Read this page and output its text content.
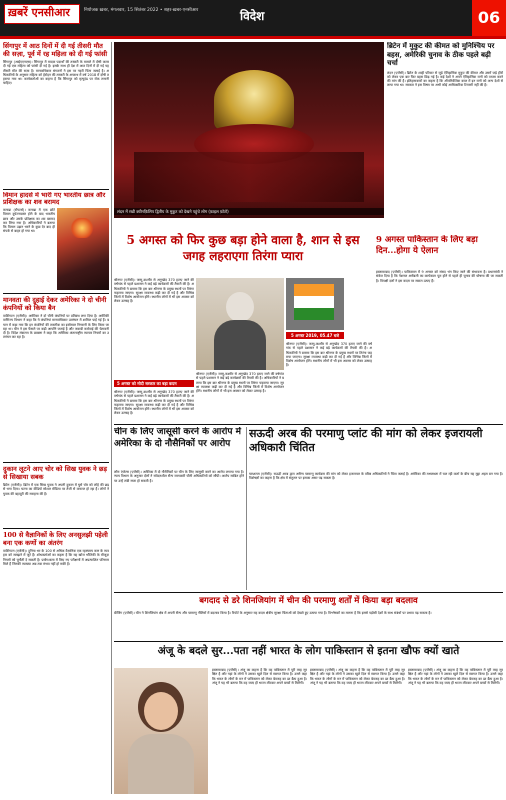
ख़बरें एनसीआर	नियोजक ख़बर, मंगलवार, 15 सितंबर 2022 • शहर-ख़बर-एनसीआर	विदेश	06
सिंगापुर में आठ दिनों में दी गई तीसरी मौत की सज़ा, पूर्व में रह महिला को दी गई फांसी
सिंगापुर (आईएएनएस)। सिंगापुर में मादक पदार्थों की तस्करी के मामले में दोषी करार दी गई एक महिला को फांसी दी गई है। इसके साथ ही देश में आठ दिनों में दी गई यह तीसरी मौत की सज़ा है। मानवाधिकार संगठनों ने इस पर गहरी चिंता जताई है। अधिकारियों के अनुसार महिला को हेरोइन की तस्करी के अपराध में वर्ष 2018 में दोषी ठहराया गया था। कार्यकर्ताओं का कहना है कि सिंगापुर को मृत्युदंड पर रोक लगानी चाहिए।
विमान हादसे में भारी गए भारतीय छात्र और प्रशिक्षक का शव बरामद
कनाडा (रॉयटर्स)। कनाडा में एक छोटे विमान दुर्घटनाग्रस्त होने के बाद भारतीय छात्र और उसके प्रशिक्षक का शव बरामद कर लिया गया है। अधिकारियों ने बताया कि विमान उड़ान भरने के कुछ देर बाद ही संपर्क से बाहर हो गया था।
मानवता की दुहाई देकर अमेरिका ने दो चीनी कंपनियों को किया बैन
वाशिंगटन (एजेंसी)। अमेरिका ने दो चीनी कंपनियों पर प्रतिबंध लगा दिया है। अमेरिकी वाणिज्य विभाग ने कहा कि ये कंपनियां मानवाधिकार उल्लंघन में शामिल पाई गई हैं। बयान में कहा गया कि इन कंपनियों की तकनीक का इस्तेमाल निगरानी के लिए किया जा रहा था। चीन ने इस फैसले पर कड़ी आपत्ति जताई है और जवाबी कार्रवाई की चेतावनी दी है। विदेश मंत्रालय के प्रवक्ता ने कहा कि अमेरिका अंतरराष्ट्रीय व्यापार नियमों का उल्लंघन कर रहा है।
दुकान लूटने आए चोर को सिख युवक ने छड़ से सिखाया सबक
ब्रिटेन (एजेंसी)। ब्रिटेन में एक सिख युवक ने अपनी दुकान में घुसे चोर को लोहे की छड़ से भगा दिया। घटना का वीडियो सोशल मीडिया पर तेजी से वायरल हो रहा है। लोगों ने युवक की बहादुरी की सराहना की है।
100 से वैज्ञानिकों के लिए अनसुलझी पहेली बना एक कणों का अंतरंग
वाशिंगटन (एजेंसी)। दुनिया भर के 100 से अधिक वैज्ञानिक एक रहस्यमय कण के व्यवहार को समझने में जुटे हैं। शोधकर्ताओं का कहना है कि यह खोज भौतिकी के मौजूदा नियमों को चुनौती दे सकती है। प्रयोगशाला में किए गए परीक्षणों में अप्रत्याशित परिणाम मिले हैं जिनकी व्याख्या अब तक संभव नहीं हो सकी है।
लंदन में रखी क्वीनफ़िलिप द्वितीय के मुकुट को देखने पहुंचे लोग (फ़ाइल फ़ोटो)
ब्रिटेन में मुकुट की कीमत को मुनिश्चिय पर बहस, अमेरिकी चुनाव के ठीक पहले बढ़ी चर्चा
लंदन (एजेंसी)। ब्रिटेन के शाही परिवार से जुड़े ऐतिहासिक मुकुट की कीमत और उसमें जड़े हीरों को लेकर एक बार फिर बहस छिड़ गई है। कई देशों ने अपने ऐतिहासिक रत्नों को वापस करने की मांग की है। इतिहासकारों का कहना है कि औपनिवेशिक काल में इन रत्नों को अन्य देशों से लाया गया था। सरकार ने इस विषय पर अभी कोई आधिकारिक टिप्पणी नहीं की है।
5 अगस्त को फिर कुछ बड़ा होने वाला है, शान से इस जगह लहराएगा तिरंगा प्यारा
9 अगस्त पाकिस्तान के लिए बड़ा दिन...होगा ये ऐलान
श्रीनगर (एजेंसी)। जम्मू-कश्मीर से अनुच्छेद 370 हटाए जाने की वर्षगांठ से पहले प्रशासन ने कई बड़े कार्यक्रमों की तैयारी की है। अधिकारियों ने बताया कि इस बार श्रीनगर के प्रमुख स्थलों पर तिरंगा फहराया जाएगा। सुरक्षा व्यवस्था कड़ी कर दी गई है और विभिन्न जिलों में विशेष आयोजन होंगे। स्थानीय लोगों में भी इस अवसर को लेकर उत्साह है।
5 अगस्त को मोदी सरकार का बड़ा कदम
श्रीनगर (एजेंसी)। जम्मू-कश्मीर से अनुच्छेद 370 हटाए जाने की वर्षगांठ से पहले प्रशासन ने कई बड़े कार्यक्रमों की तैयारी की है। अधिकारियों ने बताया कि इस बार श्रीनगर के प्रमुख स्थलों पर तिरंगा फहराया जाएगा। सुरक्षा व्यवस्था कड़ी कर दी गई है और विभिन्न जिलों में विशेष आयोजन होंगे। स्थानीय लोगों में भी इस अवसर को लेकर उत्साह है।
5 अगस्त 2019, 05.47 बजे
श्रीनगर (एजेंसी)। जम्मू-कश्मीर से अनुच्छेद 370 हटाए जाने की वर्षगांठ से पहले प्रशासन ने कई बड़े कार्यक्रमों की तैयारी की है। अधिकारियों ने बताया कि इस बार श्रीनगर के प्रमुख स्थलों पर तिरंगा फहराया जाएगा। सुरक्षा व्यवस्था कड़ी कर दी गई है और विभिन्न जिलों में विशेष आयोजन होंगे। स्थानीय लोगों में भी इस अवसर को लेकर उत्साह है।
श्रीनगर (एजेंसी)। जम्मू-कश्मीर से अनुच्छेद 370 हटाए जाने की वर्षगांठ से पहले प्रशासन ने कई बड़े कार्यक्रमों की तैयारी की है। अधिकारियों ने बताया कि इस बार श्रीनगर के प्रमुख स्थलों पर तिरंगा फहराया जाएगा। सुरक्षा व्यवस्था कड़ी कर दी गई है और विभिन्न जिलों में विशेष आयोजन होंगे। स्थानीय लोगों में भी इस अवसर को लेकर उत्साह है।
इस्लामाबाद (एजेंसी)। पाकिस्तान में 9 अगस्त को संसद भंग किए जाने की संभावना है। प्रधानमंत्री ने संकेत दिया है कि नेशनल असेंबली का कार्यकाल पूरा होने से पहले ही चुनाव की घोषणा की जा सकती है। विपक्षी दलों ने इस कदम पर सवाल उठाए हैं।
चीन के लिए जासूसी करने के आरोप में अमेरिका के दो नौसैनिकों पर आरोप
लॉस एंजेल्स (एजेंसी)। अमेरिका में दो नौसैनिकों पर चीन के लिए जासूसी करने का आरोप लगाया गया है। न्याय विभाग के अनुसार दोनों ने संवेदनशील सैन्य जानकारी चीनी अधिकारियों को सौंपी। आरोप साबित होने पर उन्हें लंबी सजा हो सकती है।
सऊदी अरब की परमाणु प्लांट की मांग को लेकर इजरायली अधिकारी चिंतित
यरुशलम (एजेंसी)। सऊदी अरब द्वारा असैन्य परमाणु कार्यक्रम की मांग को लेकर इजरायल के वरिष्ठ अधिकारियों ने चिंता जताई है। अमेरिका की मध्यस्थता में चल रही वार्ता के बीच यह मुद्दा अहम बन गया है। विशेषज्ञों का कहना है कि क्षेत्र में संतुलन पर इसका असर पड़ सकता है।
बगदाद से डरे शिनजियांग में चीन की परमाणु शर्तों में किया बड़ा बदलाव
बीजिंग (एजेंसी)। चीन ने शिनजियांग क्षेत्र में अपनी सैन्य और परमाणु नीतियों में बदलाव किया है। रिपोर्ट के अनुसार यह कदम क्षेत्रीय सुरक्षा चिंताओं को देखते हुए उठाया गया है। विश्लेषकों का मानना है कि इससे पड़ोसी देशों के साथ संबंधों पर प्रभाव पड़ सकता है।
अंजू के बदले सुर...पता नहीं भारत के लोग पाकिस्तान से इतना खौफ क्यों खाते
इस्लामाबाद (एजेंसी)। अंजू का कहना है कि वह पाकिस्तान में पूरी तरह सुरक्षित है और यहां के लोगों ने उसका खुले दिल से स्वागत किया है। उसने कहा कि भारत के लोगों के मन में पाकिस्तान को लेकर बेवजह का डर बैठा हुआ है। अंजू ने यह भी बताया कि वह जल्द ही भारत लौटकर अपने बच्चों से मिलेगी।
इस्लामाबाद (एजेंसी)। अंजू का कहना है कि वह पाकिस्तान में पूरी तरह सुरक्षित है और यहां के लोगों ने उसका खुले दिल से स्वागत किया है। उसने कहा कि भारत के लोगों के मन में पाकिस्तान को लेकर बेवजह का डर बैठा हुआ है। अंजू ने यह भी बताया कि वह जल्द ही भारत लौटकर अपने बच्चों से मिलेगी।
इस्लामाबाद (एजेंसी)। अंजू का कहना है कि वह पाकिस्तान में पूरी तरह सुरक्षित है और यहां के लोगों ने उसका खुले दिल से स्वागत किया है। उसने कहा कि भारत के लोगों के मन में पाकिस्तान को लेकर बेवजह का डर बैठा हुआ है। अंजू ने यह भी बताया कि वह जल्द ही भारत लौटकर अपने बच्चों से मिलेगी।
